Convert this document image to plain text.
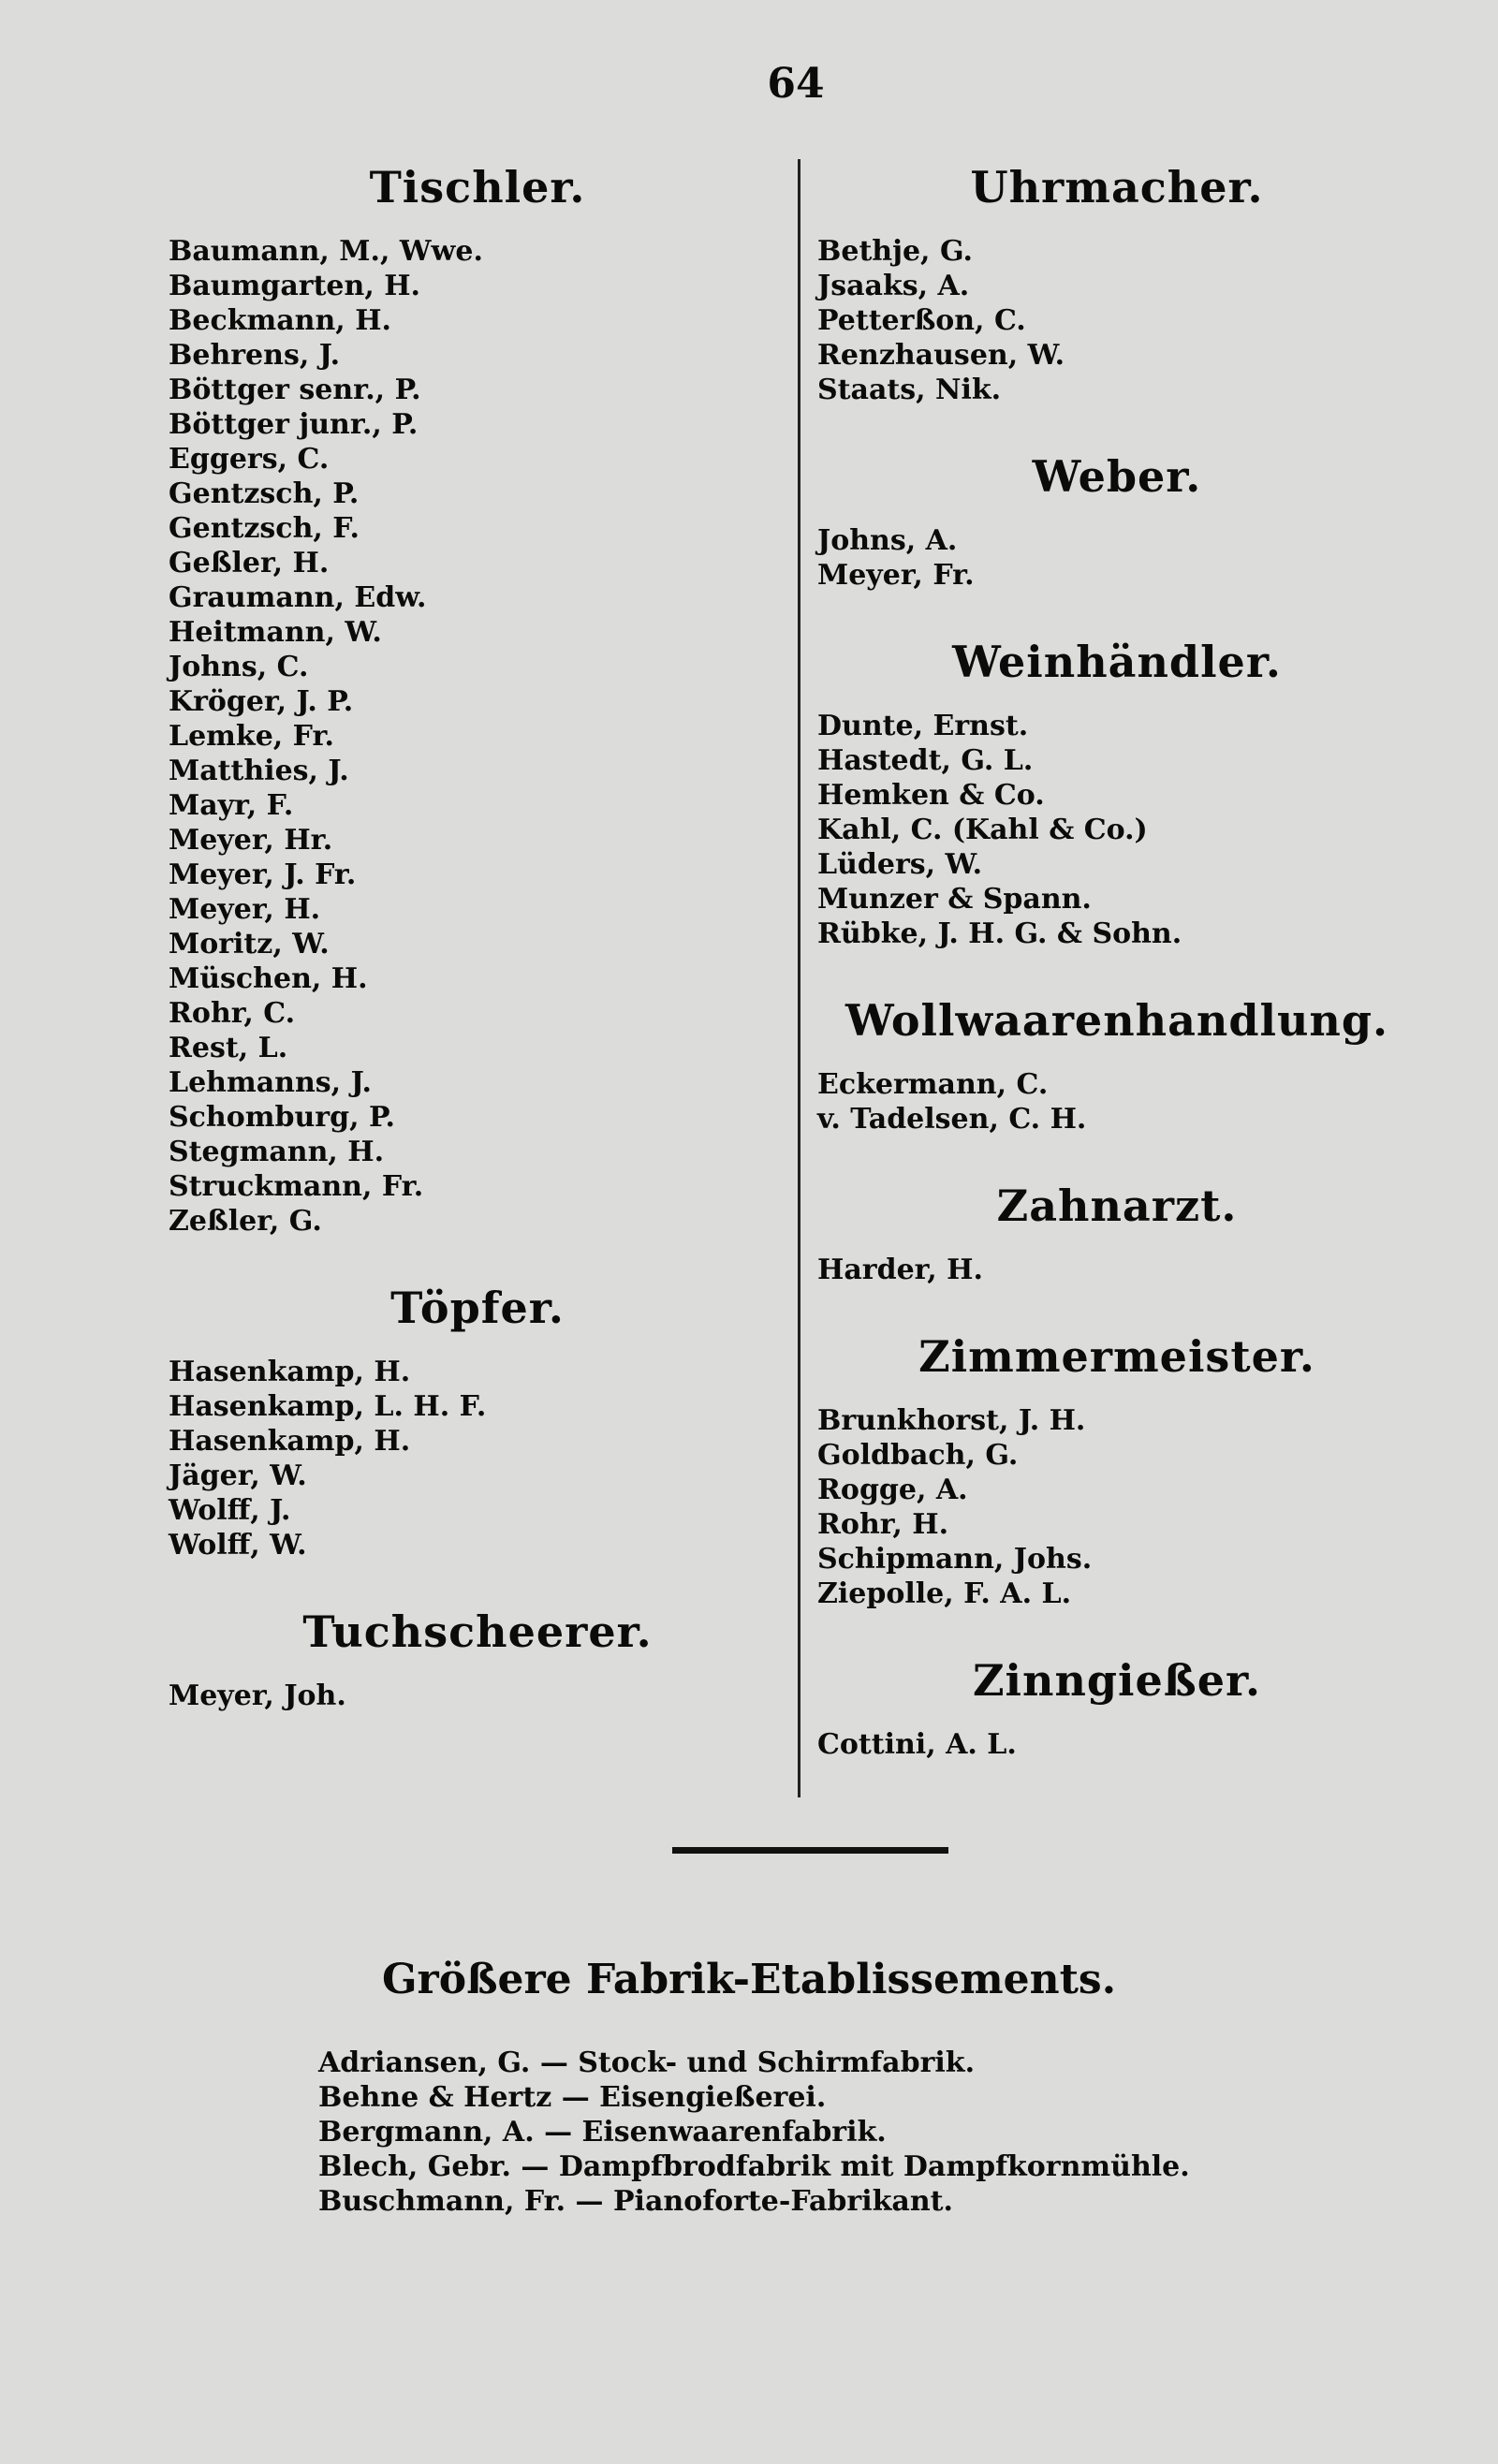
64
Tischler.
Baumann, M., Wwe.
Baumgarten, H.
Beckmann, H.
Behrens, J.
Böttger senr., P.
Böttger junr., P.
Eggers, C.
Gentzsch, P.
Gentzsch, F.
Geßler, H.
Graumann, Edw.
Heitmann, W.
Johns, C.
Kröger, J. P.
Lemke, Fr.
Matthies, J.
Mayr, F.
Meyer, Hr.
Meyer, J. Fr.
Meyer, H.
Moritz, W.
Müschen, H.
Rohr, C.
Rest, L.
Lehmanns, J.
Schomburg, P.
Stegmann, H.
Struckmann, Fr.
Zeßler, G.
Töpfer.
Hasenkamp, H.
Hasenkamp, L. H. F.
Hasenkamp, H.
Jäger, W.
Wolff, J.
Wolff, W.
Tuchscheerer.
Meyer, Joh.
Uhrmacher.
Bethje, G.
Jsaaks, A.
Petterßon, C.
Renzhausen, W.
Staats, Nik.
Weber.
Johns, A.
Meyer, Fr.
Weinhändler.
Dunte, Ernst.
Hastedt, G. L.
Hemken & Co.
Kahl, C. (Kahl & Co.)
Lüders, W.
Munzer & Spann.
Rübke, J. H. G. & Sohn.
Wollwaarenhandlung.
Eckermann, C.
v. Tadelsen, C. H.
Zahnarzt.
Harder, H.
Zimmermeister.
Brunkhorst, J. H.
Goldbach, G.
Rogge, A.
Rohr, H.
Schipmann, Johs.
Ziepolle, F. A. L.
Zinngießer.
Cottini, A. L.
Größere Fabrik-Etablissements.
Adriansen, G. — Stock- und Schirmfabrik.
Behne & Hertz — Eisengießerei.
Bergmann, A. — Eisenwaarenfabrik.
Blech, Gebr. — Dampfbrodfabrik mit Dampfkornmühle.
Buschmann, Fr. — Pianoforte-Fabrikant.
